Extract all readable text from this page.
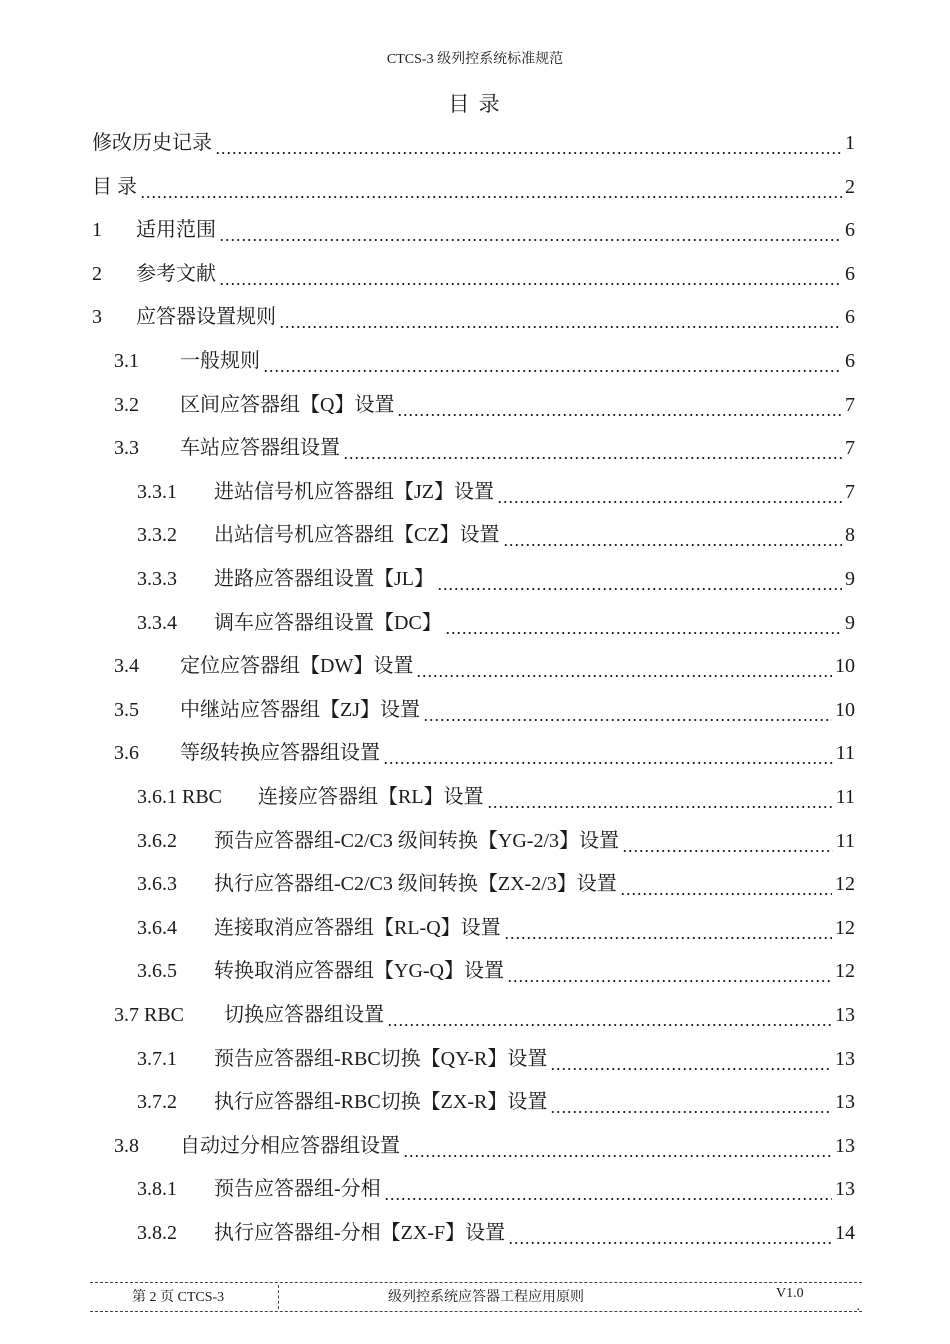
CTCS-3 级列控系统标准规范
目 录
修改历史记录	1
目 录	2
1	适用范围	6
2	参考文献	6
3	应答器设置规则	6
3.1	一般规则	6
3.2	区间应答器组【Q】设置	7
3.3	车站应答器组设置	7
3.3.1	进站信号机应答器组【JZ】设置	7
3.3.2	出站信号机应答器组【CZ】设置	8
3.3.3	进路应答器组设置【JL】	9
3.3.4	调车应答器组设置【DC】	9
3.4	定位应答器组【DW】设置	10
3.5	中继站应答器组【ZJ】设置	10
3.6	等级转换应答器组设置	11
3.6.1 RBC	连接应答器组【RL】设置	11
3.6.2	预告应答器组-C2/C3 级间转换【YG-2/3】设置	11
3.6.3	执行应答器组-C2/C3 级间转换【ZX-2/3】设置	12
3.6.4	连接取消应答器组【RL-Q】设置	12
3.6.5	转换取消应答器组【YG-Q】设置	12
3.7 RBC	切换应答器组设置	13
3.7.1	预告应答器组-RBC切换【QY-R】设置	13
3.7.2	执行应答器组-RBC切换【ZX-R】设置	13
3.8	自动过分相应答器组设置	13
3.8.1	预告应答器组-分相	13
3.8.2	执行应答器组-分相【ZX-F】设置	14
第 2 页 CTCS-3	级列控系统应答器工程应用原则	V1.0
.
